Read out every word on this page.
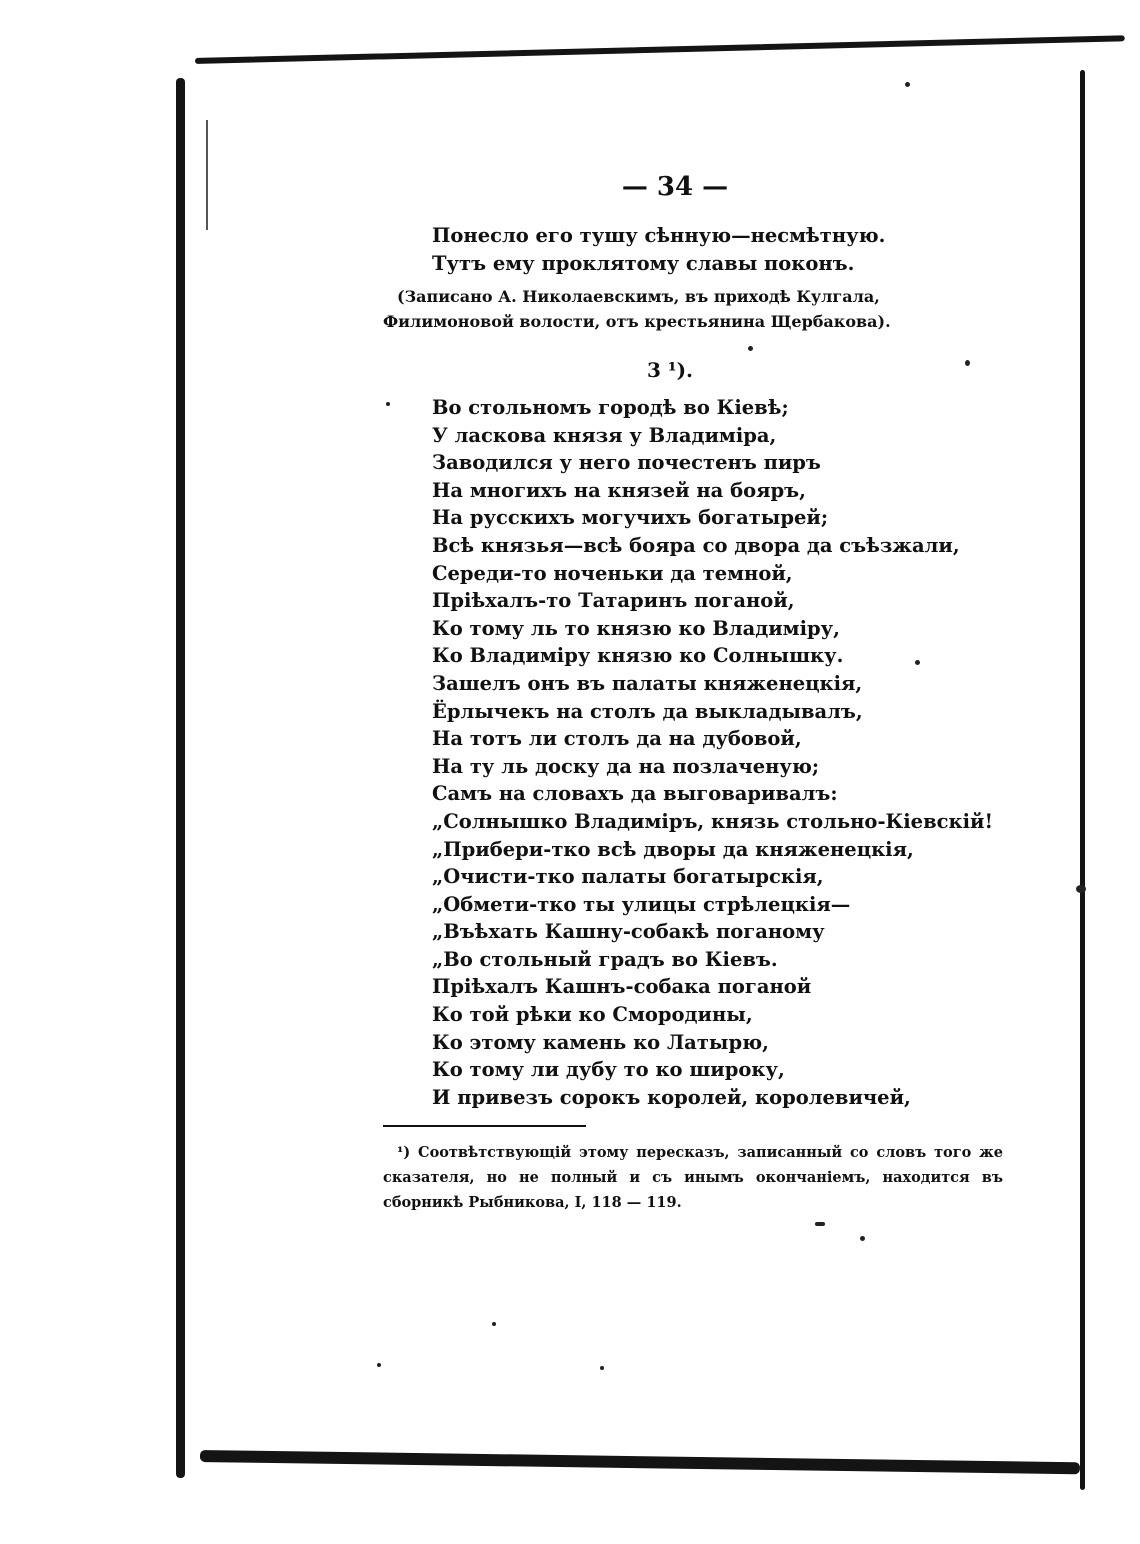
— 34 —
Понесло его тушу сѣнную—несмѣтную.
Тутъ ему проклятому славы поконъ.
(Записано А. Николаевскимъ, въ приходѣ Кулгала, Филимоновой волости, отъ крестьянина Щербакова).
3 ¹).
Во стольномъ городѣ во Кіевѣ;
У ласкова князя у Владиміра,
Заводился у него почестенъ пиръ
На многихъ на князей на бояръ,
На русскихъ могучихъ богатырей;
Всѣ князья—всѣ бояра со двора да съѣзжали,
Середи-то ноченьки да темной,
Пріѣхалъ-то Татаринъ поганой,
Ко тому ль то князю ко Владиміру,
Ко Владиміру князю ко Солнышку.
Зашелъ онъ въ палаты княженецкія,
Ёрлычекъ на столъ да выкладывалъ,
На тотъ ли столъ да на дубовой,
На ту ль доску да на позлаченую;
Самъ на словахъ да выговаривалъ:
„Солнышко Владиміръ, князь стольно-Кіевскій!
„Прибери-тко всѣ дворы да княженецкія,
„Очисти-тко палаты богатырскія,
„Обмети-тко ты улицы стрѣлецкія—
„Въѣхать Кашну-собакѣ поганому
„Во стольный градъ во Кіевъ.
Пріѣхалъ Кашнъ-собака поганой
Ко той рѣки ко Смородины,
Ко этому камень ко Латырю,
Ко тому ли дубу то ко широку,
И привезъ сорокъ королей, королевичей,
¹) Соотвѣтствующій этому пересказъ, записанный со словъ того же сказателя, но не полный и съ инымъ окончаніемъ, находится въ сборникѣ Рыбникова, I, 118 — 119.
